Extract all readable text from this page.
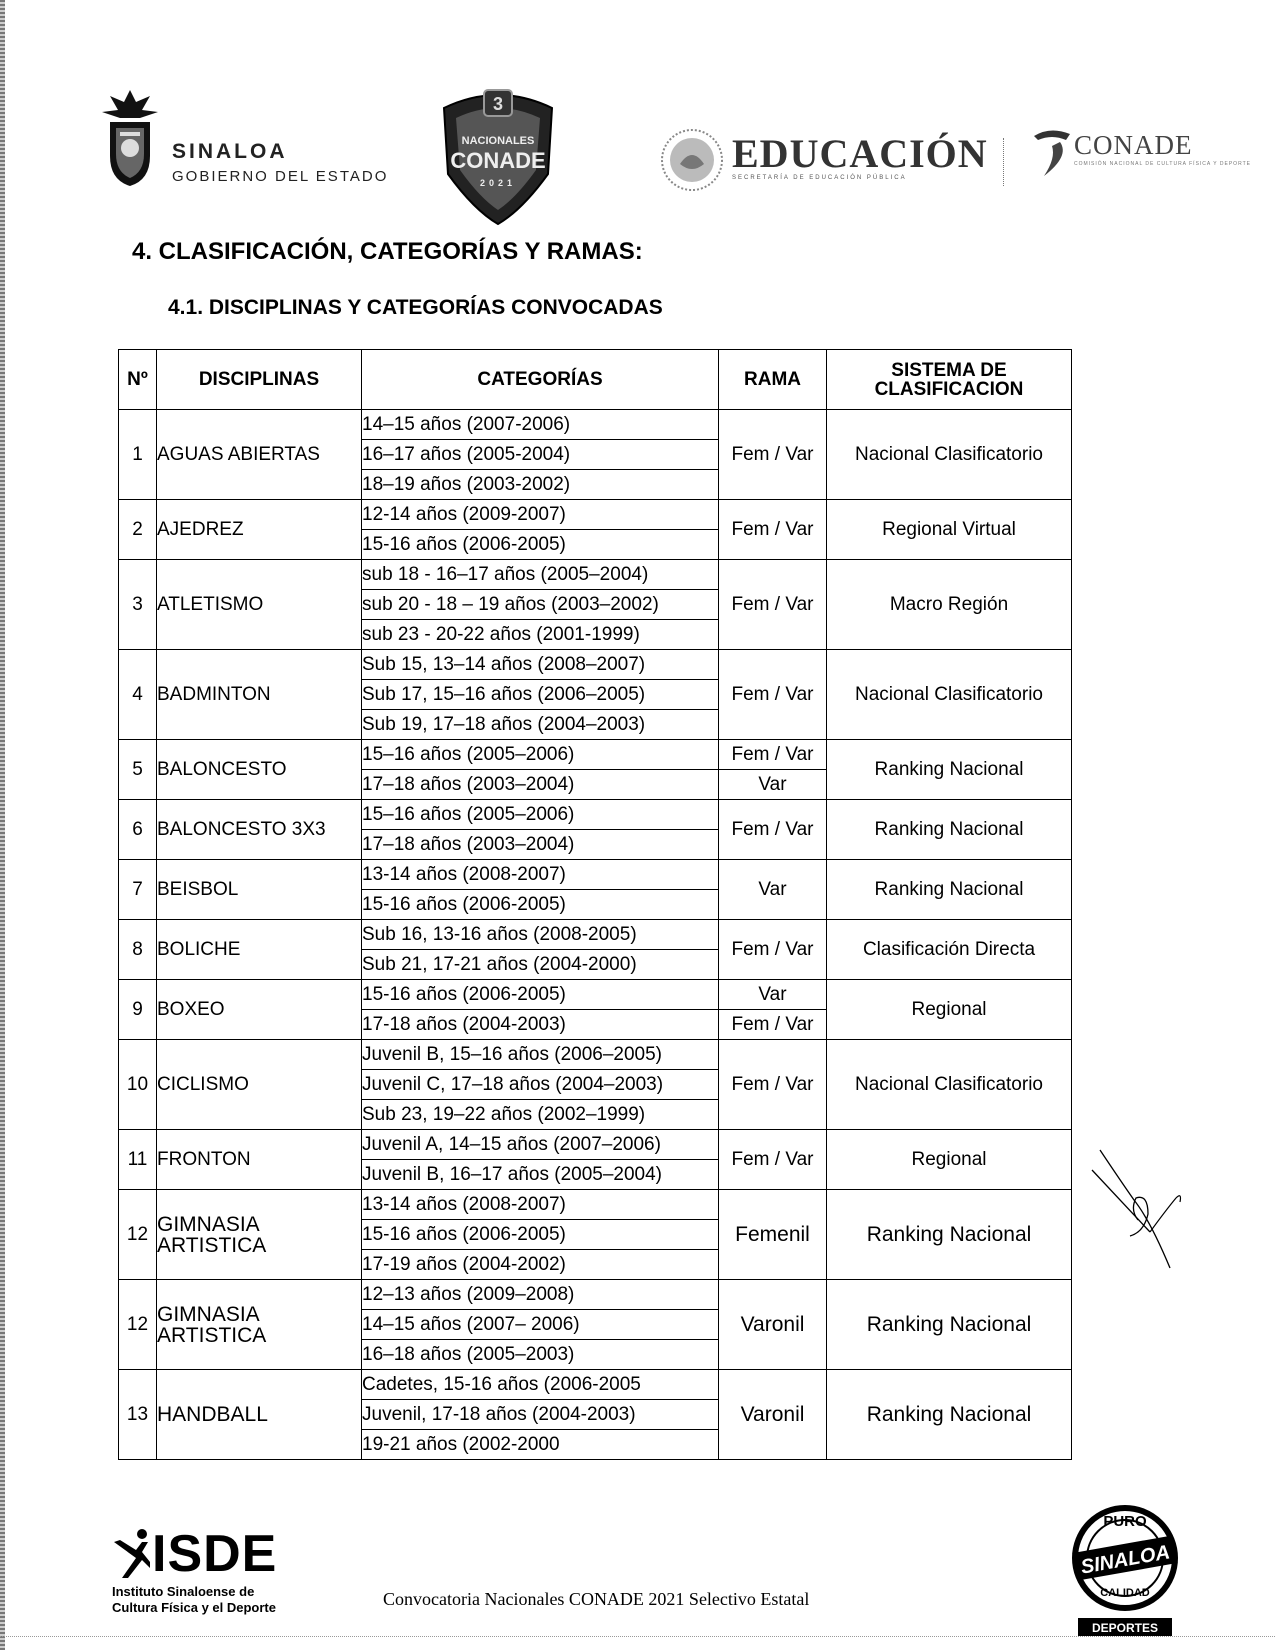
SINALOA
GOBIERNO DEL ESTADO
3
NACIONALES
CONADE
2021
EDUCACIÓN
SECRETARÍA DE EDUCACIÓN PÚBLICA
CONADE
COMISIÓN NACIONAL DE CULTURA FÍSICA Y DEPORTE
4. CLASIFICACIÓN, CATEGORÍAS Y RAMAS:
4.1. DISCIPLINAS Y CATEGORÍAS CONVOCADAS
Nº	DISCIPLINAS	CATEGORÍAS	RAMA	SISTEMA DE CLASIFICACION
1	AGUAS ABIERTAS	14–15 años (2007-2006)	Fem / Var	Nacional Clasificatorio
		16–17 años (2005-2004)		
		18–19 años (2003-2002)		
2	AJEDREZ	12-14 años (2009-2007)	Fem / Var	Regional Virtual
		15-16 años (2006-2005)		
3	ATLETISMO	sub 18 - 16–17 años (2005–2004)	Fem / Var	Macro Región
		sub 20 - 18 – 19 años (2003–2002)		
		sub 23 - 20-22 años (2001-1999)		
4	BADMINTON	Sub 15, 13–14 años (2008–2007)	Fem / Var	Nacional Clasificatorio
		Sub 17, 15–16 años (2006–2005)		
		Sub 19, 17–18 años (2004–2003)		
5	BALONCESTO	15–16 años (2005–2006)	Fem / Var	Ranking Nacional
		17–18 años (2003–2004)	Var	
6	BALONCESTO 3X3	15–16 años (2005–2006)	Fem / Var	Ranking Nacional
		17–18 años (2003–2004)		
7	BEISBOL	13-14 años (2008-2007)	Var	Ranking Nacional
		15-16 años (2006-2005)		
8	BOLICHE	Sub 16, 13-16 años (2008-2005)	Fem / Var	Clasificación Directa
		Sub 21, 17-21 años (2004-2000)		
9	BOXEO	15-16 años (2006-2005)	Var	Regional
		17-18 años (2004-2003)	Fem / Var	
10	CICLISMO	Juvenil B, 15–16 años (2006–2005)	Fem / Var	Nacional Clasificatorio
		Juvenil C, 17–18 años (2004–2003)		
		Sub 23, 19–22 años (2002–1999)		
11	FRONTON	Juvenil A, 14–15 años (2007–2006)	Fem / Var	Regional
		Juvenil B, 16–17 años (2005–2004)		
12	GIMNASIA ARTISTICA	13-14 años (2008-2007)	Femenil	Ranking Nacional
		15-16 años (2006-2005)		
		17-19 años (2004-2002)		
12	GIMNASIA ARTISTICA	12–13 años (2009–2008)	Varonil	Ranking Nacional
		14–15 años (2007– 2006)		
		16–18 años (2005–2003)		
13	HANDBALL	Cadetes, 15-16 años (2006-2005	Varonil	Ranking Nacional
		Juvenil, 17-18 años (2004-2003)		
		19-21 años (2002-2000		
ISDE
Instituto Sinaloense de
Cultura Física y el Deporte	Convocatoria Nacionales CONADE 2021 Selectivo Estatal
PURO
SINALOA
CALIDAD
DEPORTES
